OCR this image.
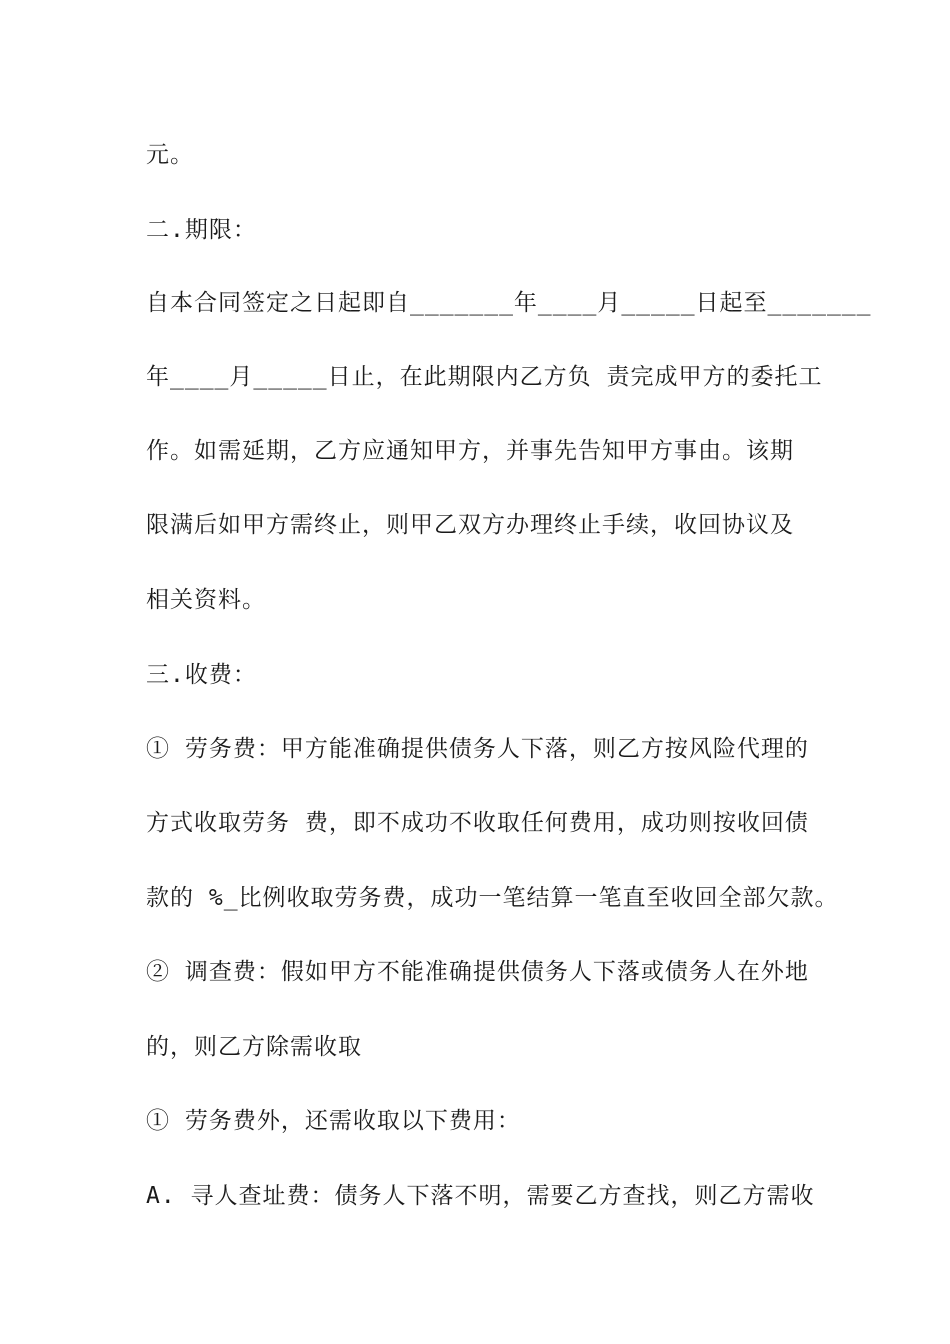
元。
二.期限：
自本合同签定之日起即自_______年____月_____日起至_______
年____月_____日止，在此期限内乙方负 责完成甲方的委托工
作。如需延期，乙方应通知甲方，并事先告知甲方事由。该期
限满后如甲方需终止，则甲乙双方办理终止手续，收回协议及
相关资料。
三.收费：
① 劳务费：甲方能准确提供债务人下落，则乙方按风险代理的
方式收取劳务 费，即不成功不收取任何费用，成功则按收回债
款的 %_比例收取劳务费，成功一笔结算一笔直至收回全部欠款。
② 调查费：假如甲方不能准确提供债务人下落或债务人在外地
的，则乙方除需收取
① 劳务费外，还需收取以下费用：
A. 寻人查址费：债务人下落不明，需要乙方查找，则乙方需收
